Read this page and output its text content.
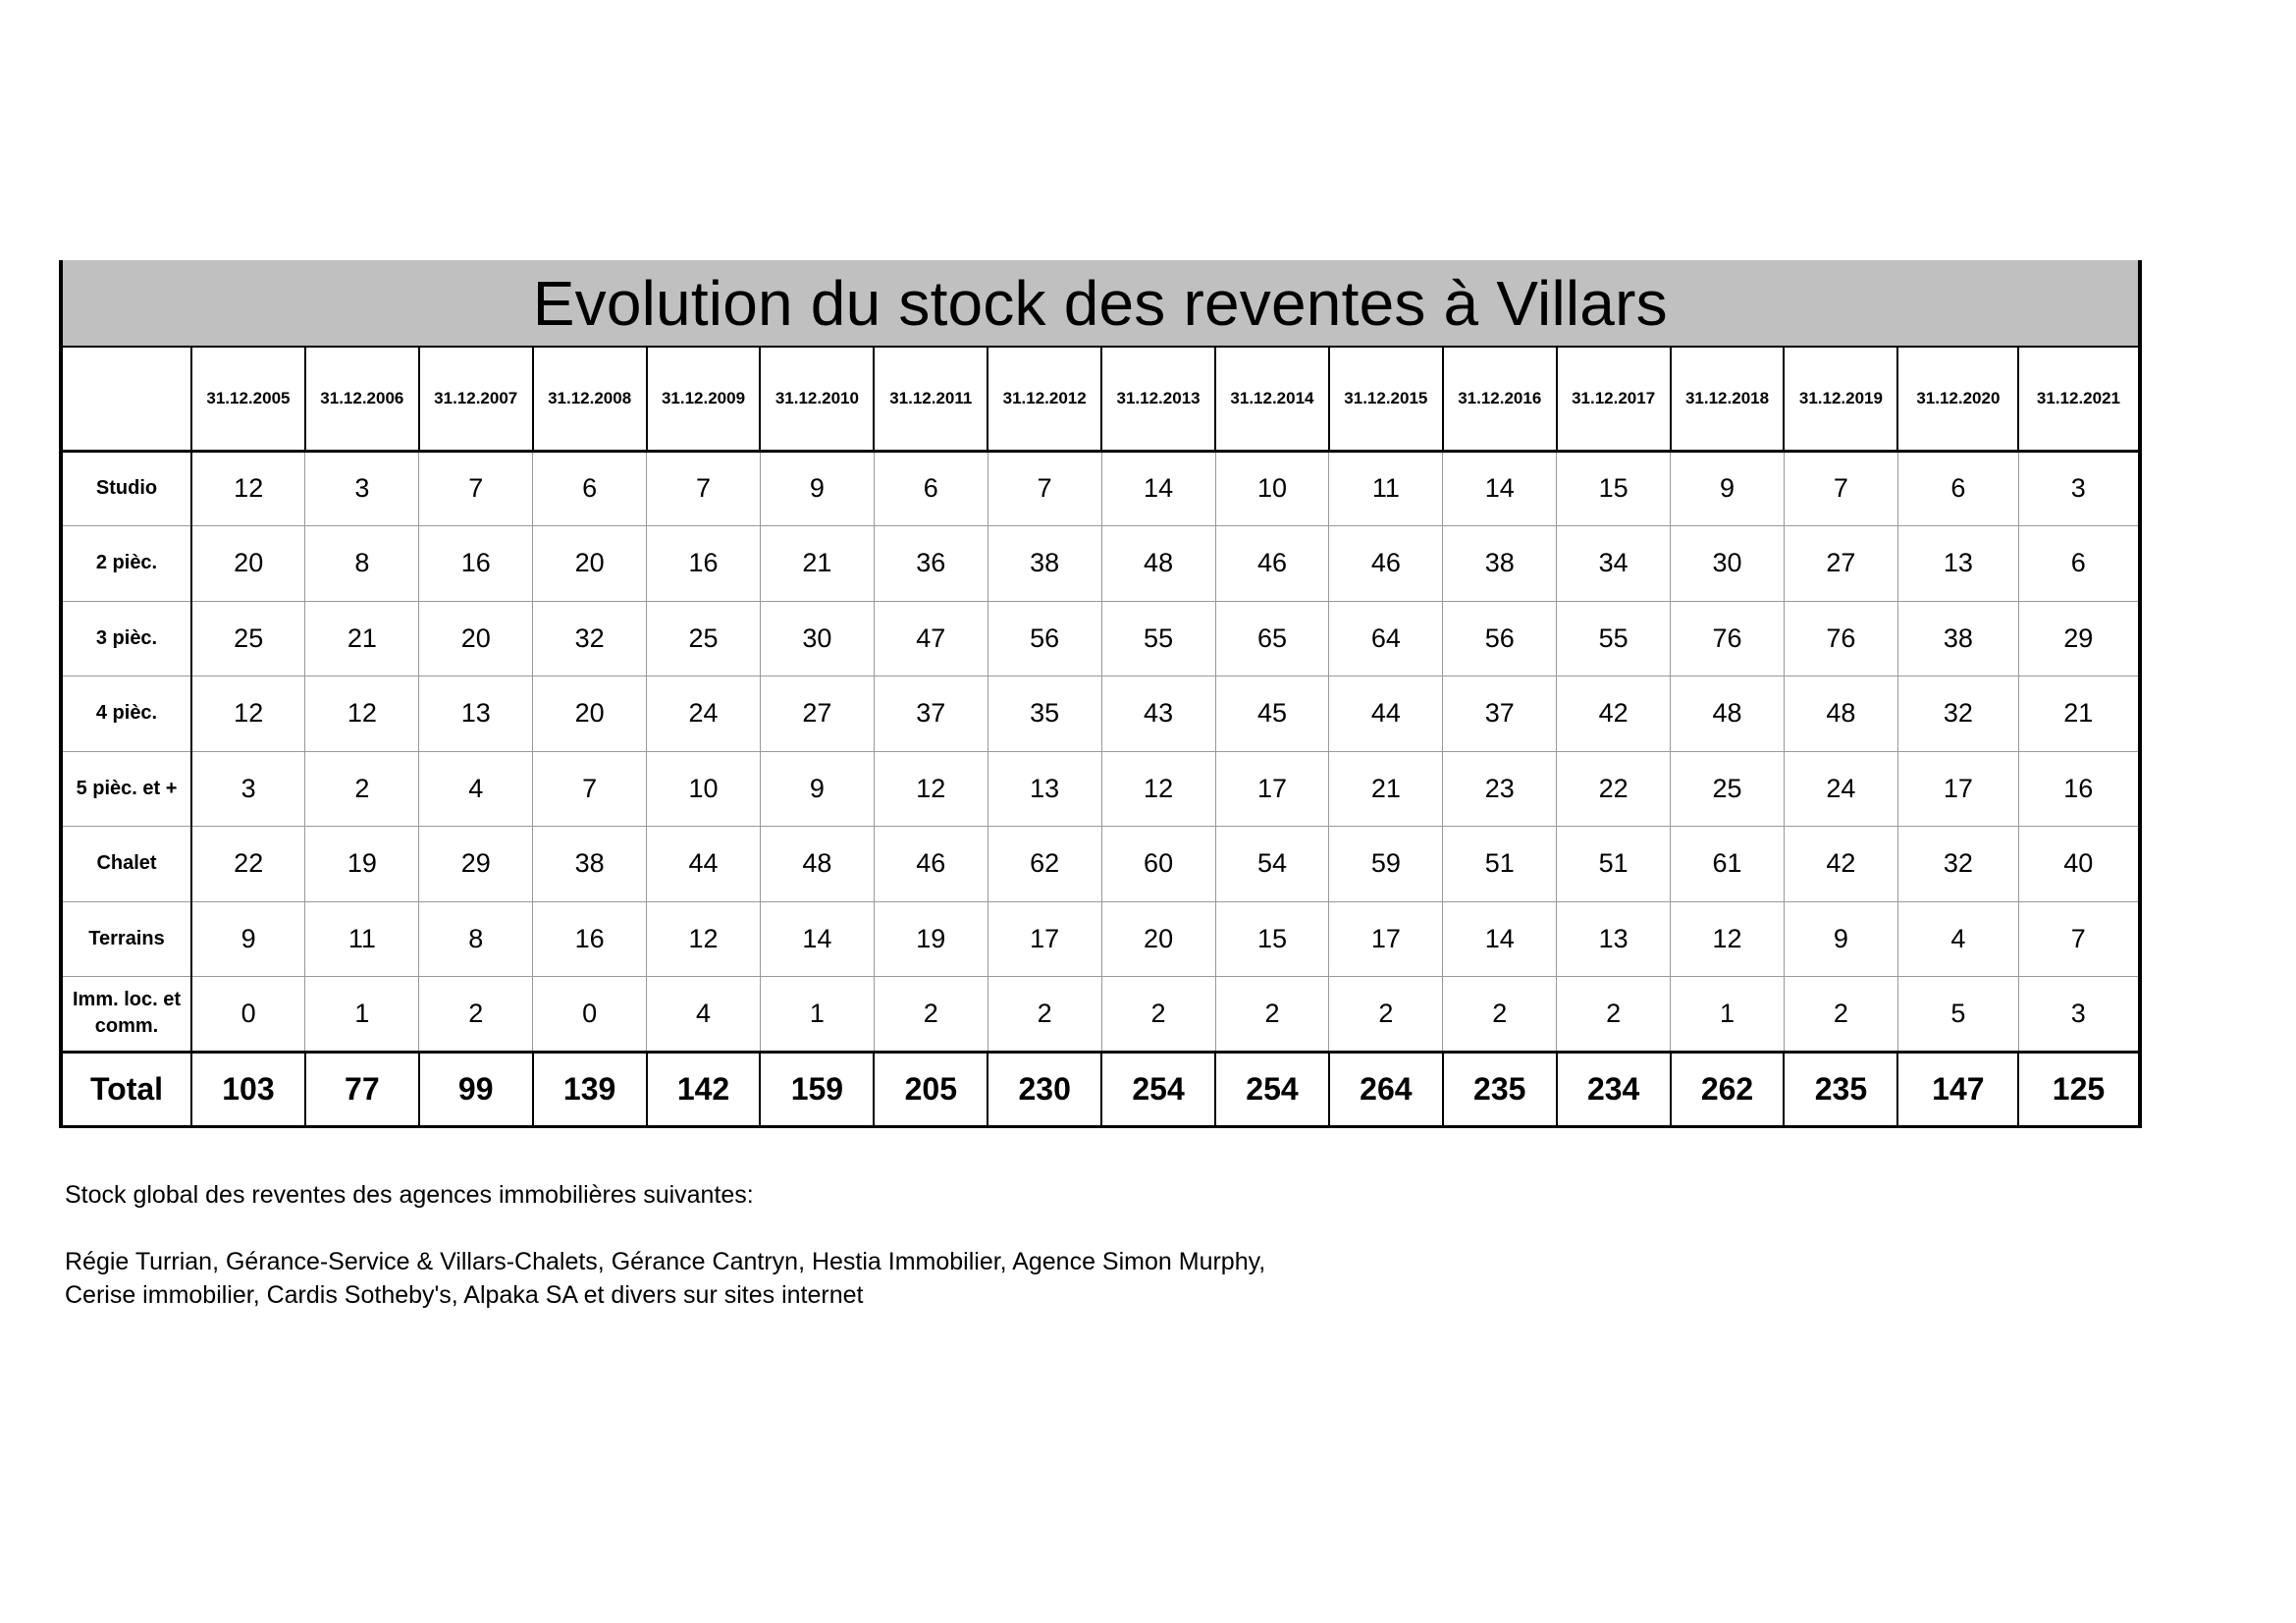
Evolution du stock des reventes à Villars																	
	31.12.2005	31.12.2006	31.12.2007	31.12.2008	31.12.2009	31.12.2010	31.12.2011	31.12.2012	31.12.2013	31.12.2014	31.12.2015	31.12.2016	31.12.2017	31.12.2018	31.12.2019	31.12.2020	31.12.2021
Studio	12	3	7	6	7	9	6	7	14	10	11	14	15	9	7	6	3
2 pièc.	20	8	16	20	16	21	36	38	48	46	46	38	34	30	27	13	6
3 pièc.	25	21	20	32	25	30	47	56	55	65	64	56	55	76	76	38	29
4 pièc.	12	12	13	20	24	27	37	35	43	45	44	37	42	48	48	32	21
5 pièc. et +	3	2	4	7	10	9	12	13	12	17	21	23	22	25	24	17	16
Chalet	22	19	29	38	44	48	46	62	60	54	59	51	51	61	42	32	40
Terrains	9	11	8	16	12	14	19	17	20	15	17	14	13	12	9	4	7
Imm. loc. et comm.	0	1	2	0	4	1	2	2	2	2	2	2	2	1	2	5	3
Total	103	77	99	139	142	159	205	230	254	254	264	235	234	262	235	147	125

Stock global des reventes des agences immobilières suivantes:

Régie Turrian, Gérance-Service & Villars-Chalets, Gérance Cantryn, Hestia Immobilier, Agence Simon Murphy,

Cerise immobilier, Cardis Sotheby's, Alpaka SA et divers sur sites internet
